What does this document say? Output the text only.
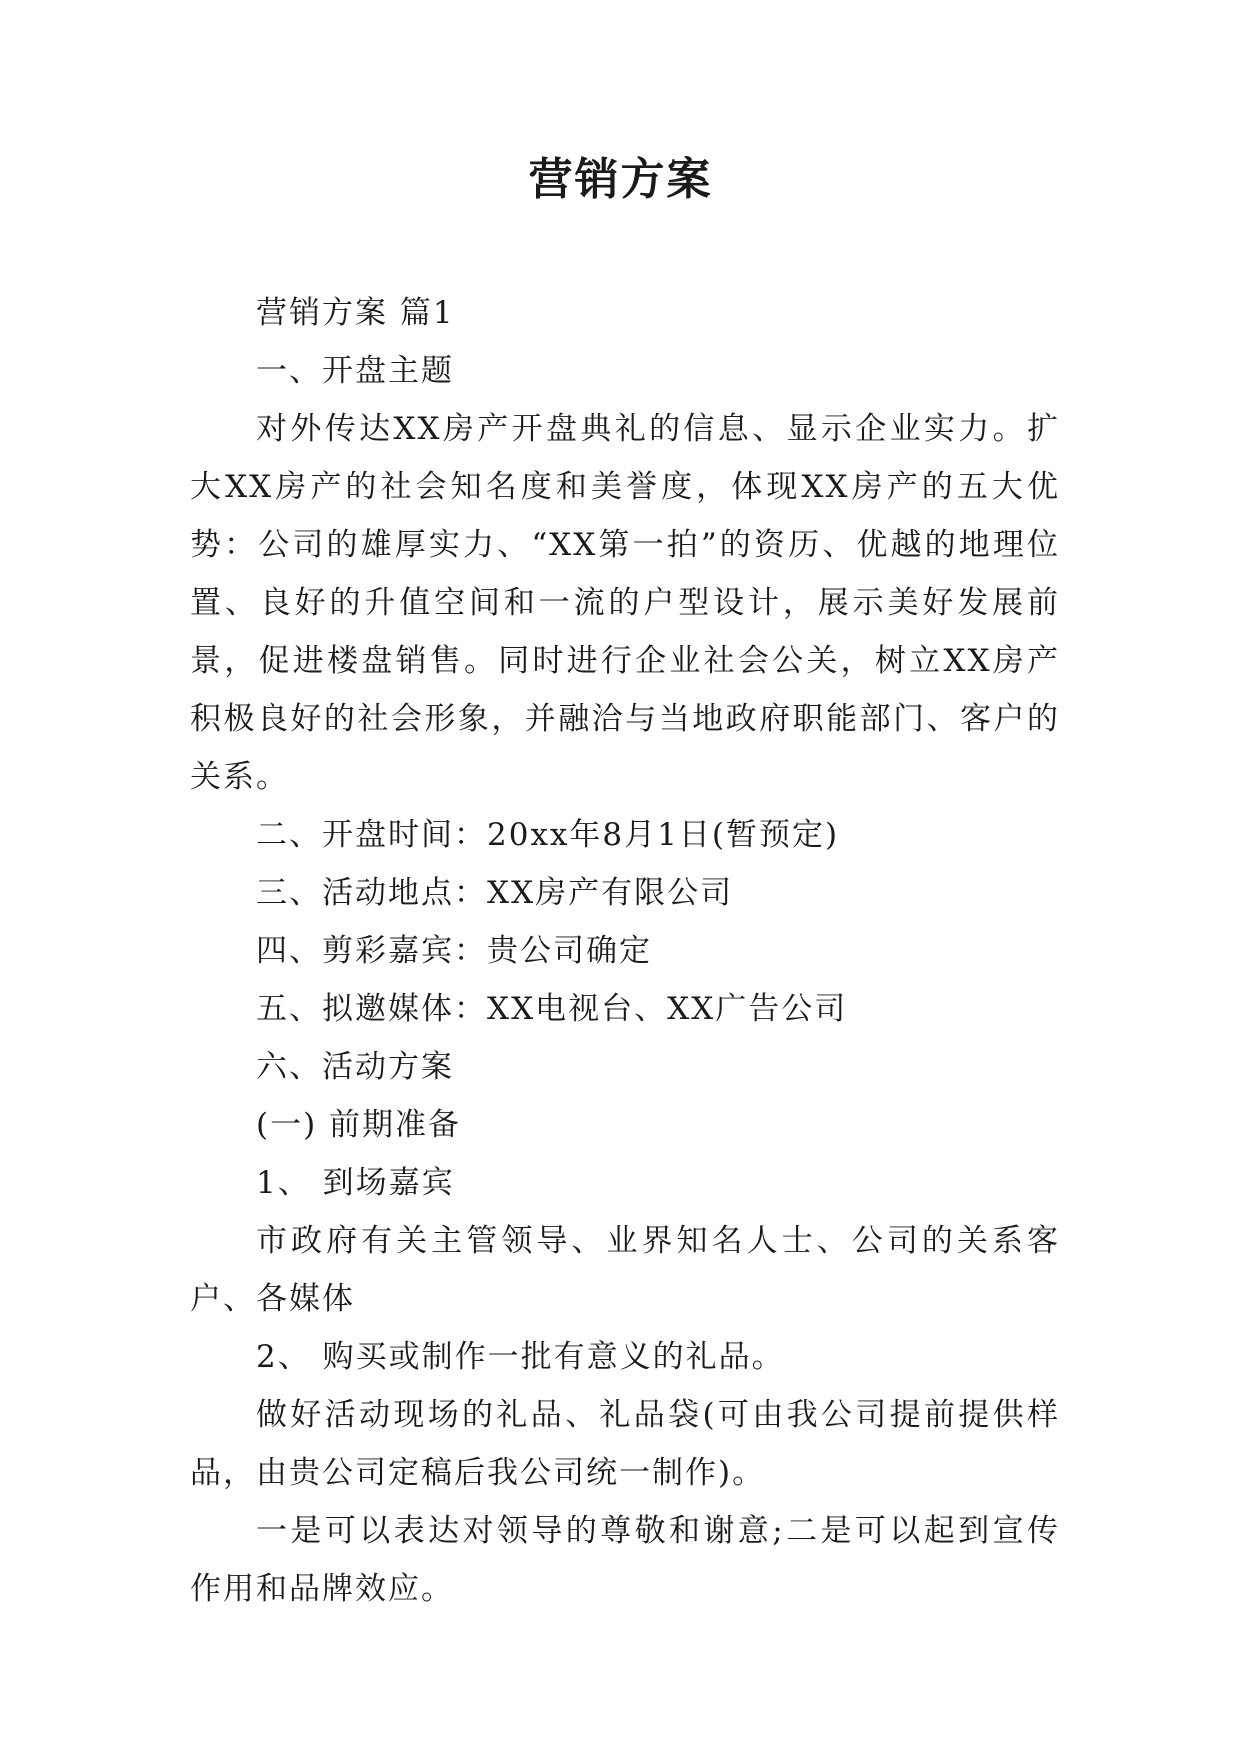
营销方案

营销方案 篇1

一、开盘主题

对外传达XX房产开盘典礼的信息、显示企业实力。扩大XX房产的社会知名度和美誉度，体现XX房产的五大优势：公司的雄厚实力、“XX第一拍”的资历、优越的地理位置、良好的升值空间和一流的户型设计，展示美好发展前景，促进楼盘销售。同时进行企业社会公关，树立XX房产积极良好的社会形象，并融洽与当地政府职能部门、客户的关系。

二、开盘时间：20xx年8月1日(暂预定)

三、活动地点：XX房产有限公司

四、剪彩嘉宾：贵公司确定

五、拟邀媒体：XX电视台、XX广告公司

六、活动方案

(一) 前期准备

1、 到场嘉宾

市政府有关主管领导、业界知名人士、公司的关系客户、各媒体

2、 购买或制作一批有意义的礼品。

做好活动现场的礼品、礼品袋(可由我公司提前提供样品，由贵公司定稿后我公司统一制作)。

一是可以表达对领导的尊敬和谢意;二是可以起到宣传作用和品牌效应。
